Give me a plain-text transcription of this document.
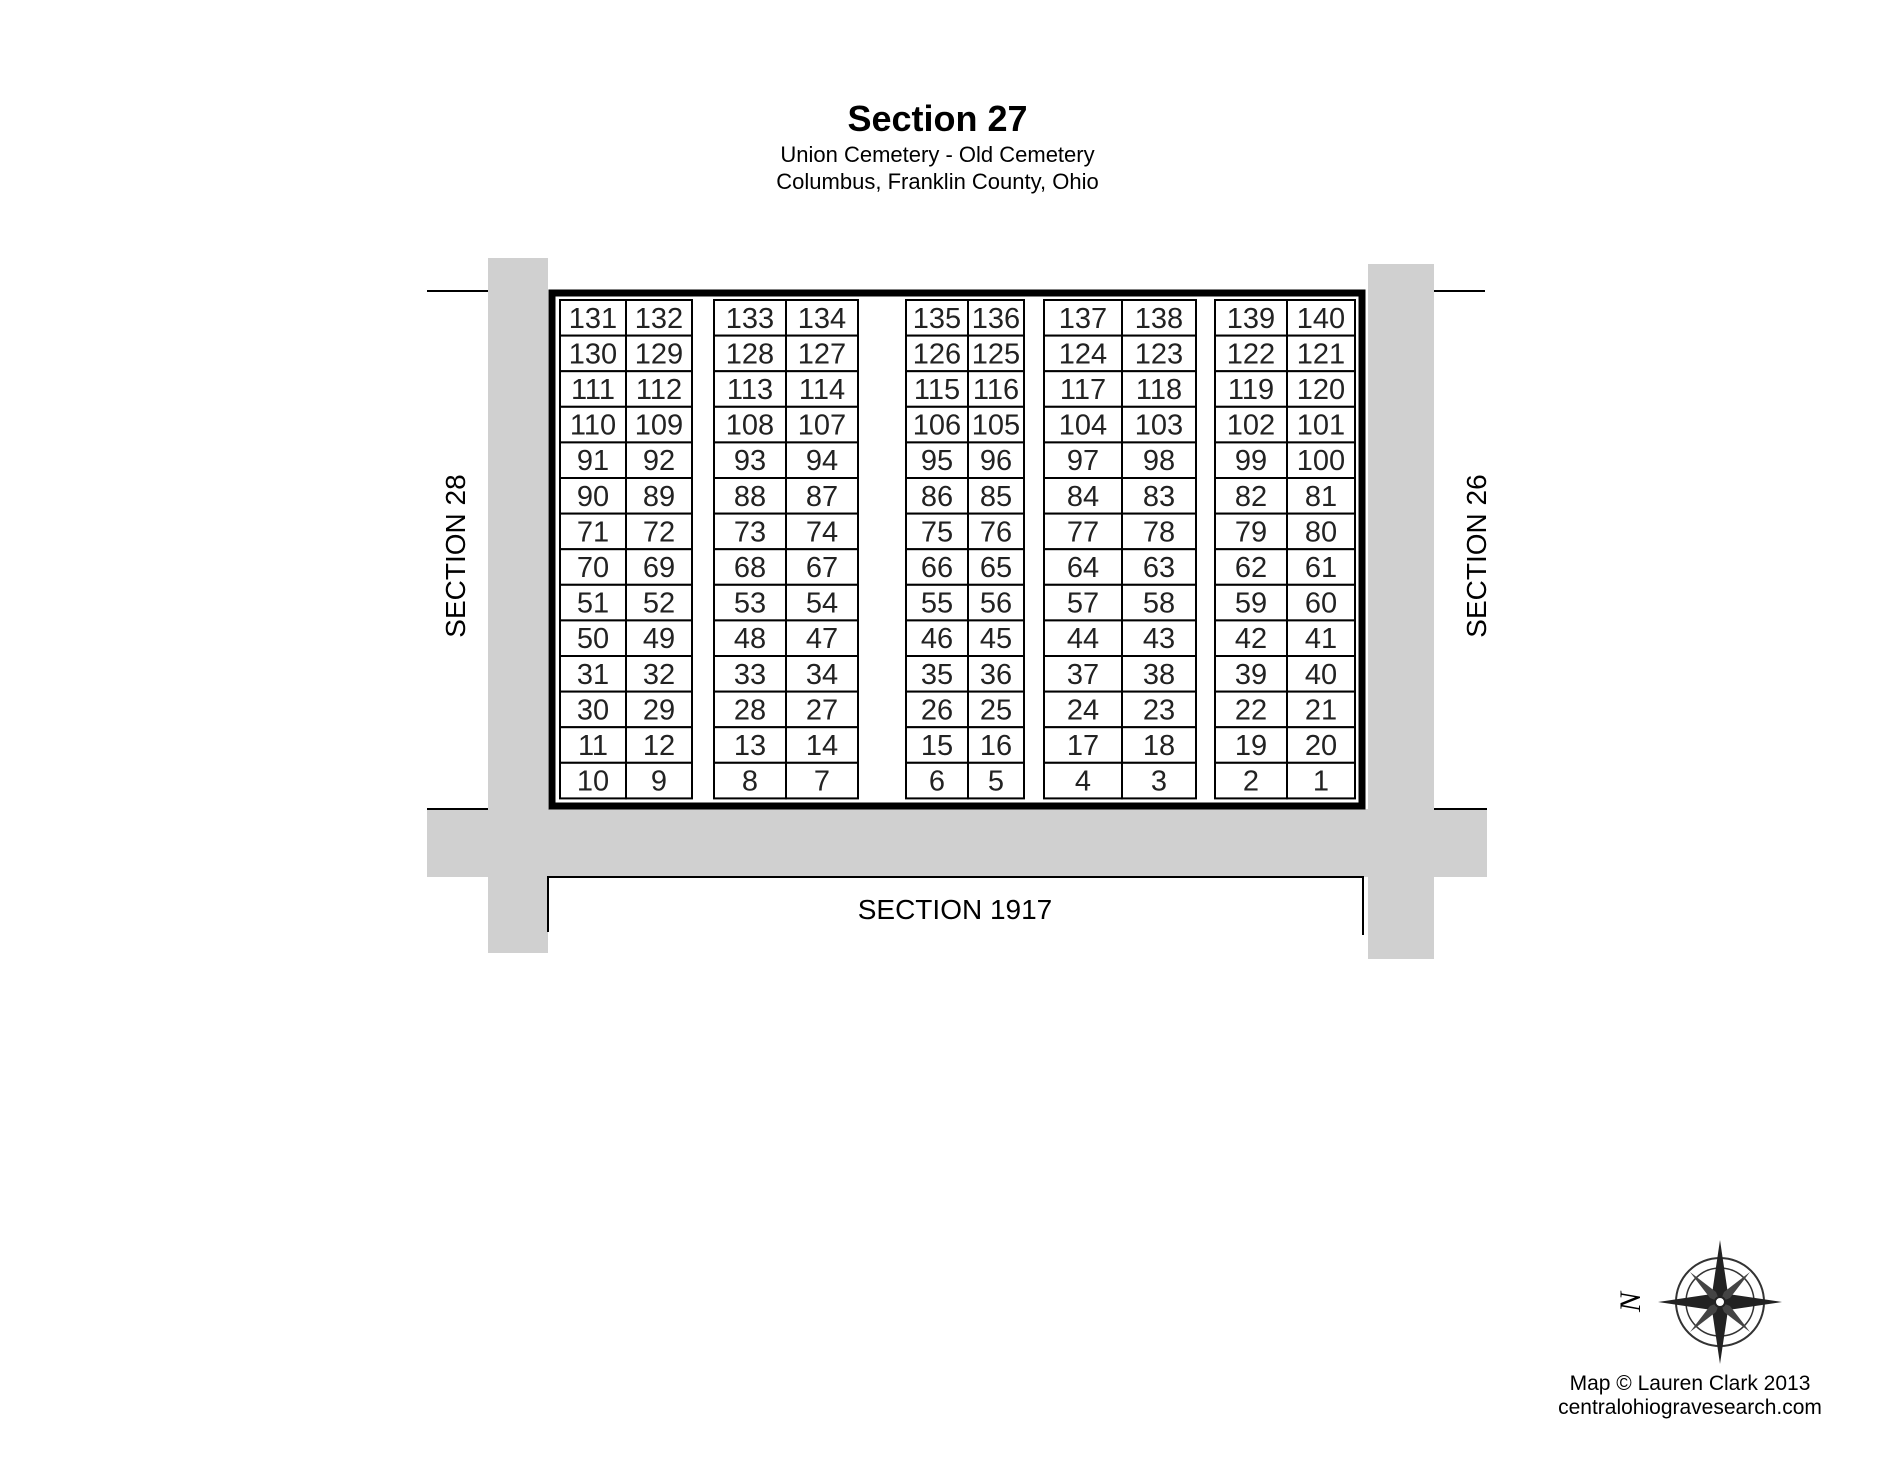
Section 27
Union Cemetery - Old Cemetery
Columbus, Franklin County, Ohio
131
130
111
110
91
90
71
70
51
50
31
30
11
10
132
129
112
109
92
89
72
69
52
49
32
29
12
9
133
128
113
108
93
88
73
68
53
48
33
28
13
8
134
127
114
107
94
87
74
67
54
47
34
27
14
7
135
126
115
106
95
86
75
66
55
46
35
26
15
6
136
125
116
105
96
85
76
65
56
45
36
25
16
5
137
124
117
104
97
84
77
64
57
44
37
24
17
4
138
123
118
103
98
83
78
63
58
43
38
23
18
3
139
122
119
102
99
82
79
62
59
42
39
22
19
2
140
121
120
101
100
81
80
61
60
41
40
21
20
1
SECTION 28	SECTION 26
SECTION 1917
N
Map © Lauren Clark 2013
centralohiogravesearch.com
